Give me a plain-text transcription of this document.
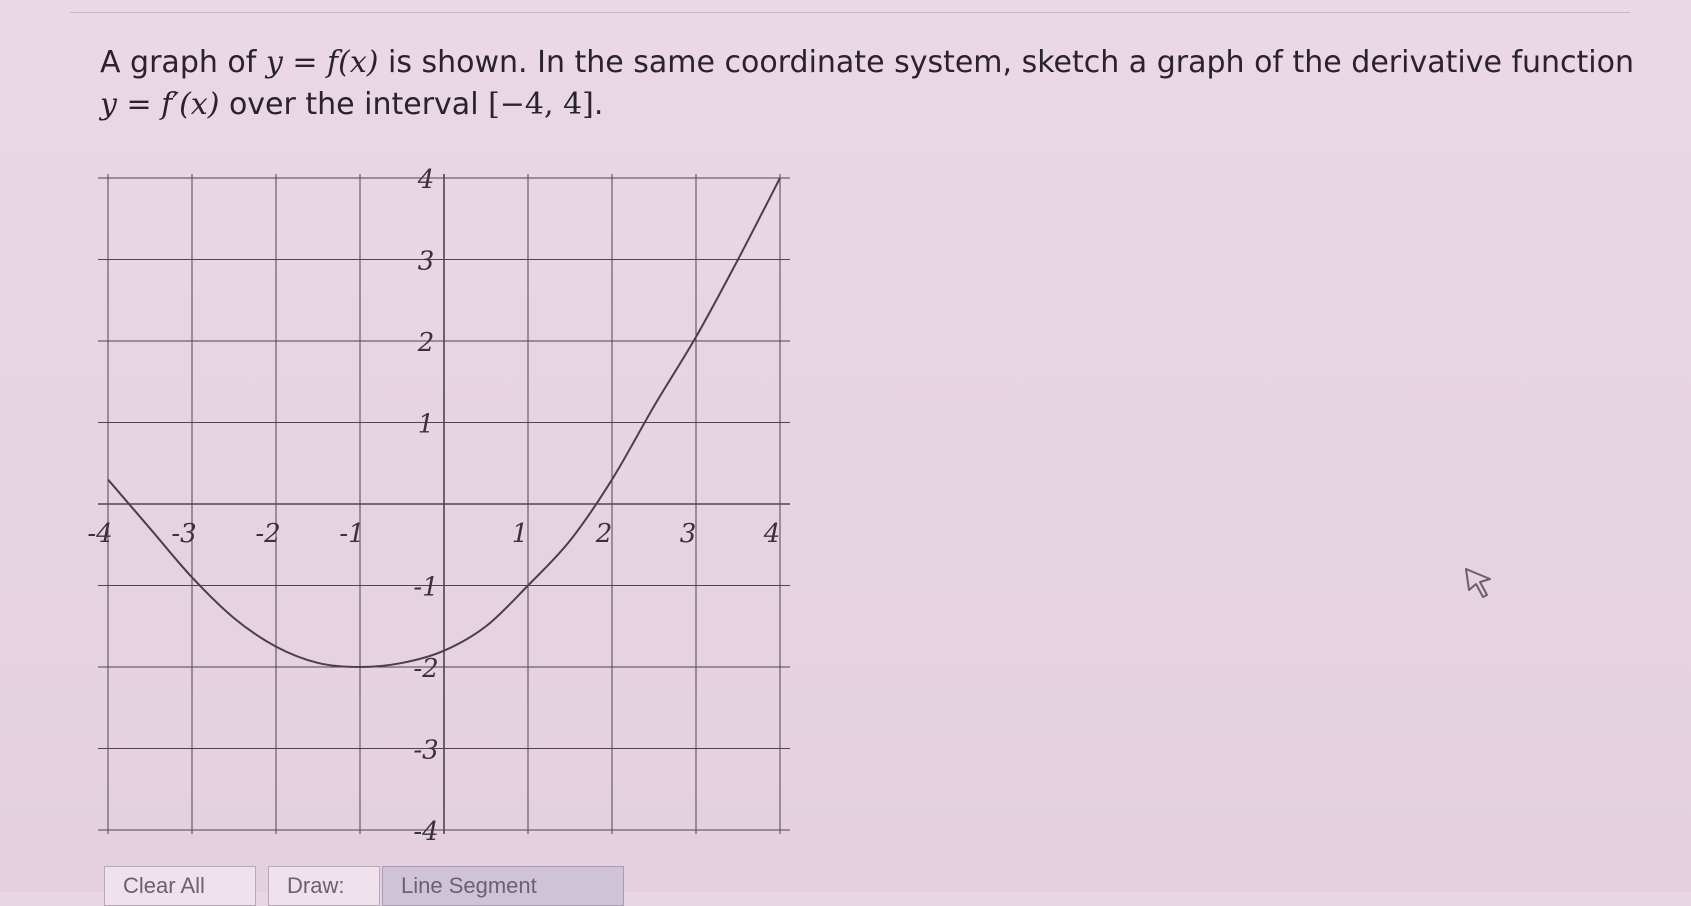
A graph of y = f(x) is shown. In the same coordinate system, sketch a graph of the derivative function
y = f′(x) over the interval [−4, 4].
-4 -3 -2 -1	1	2	3	4
4
3
2
1
-1
-2
-3
-4
Clear All	Draw:	Line Segment
